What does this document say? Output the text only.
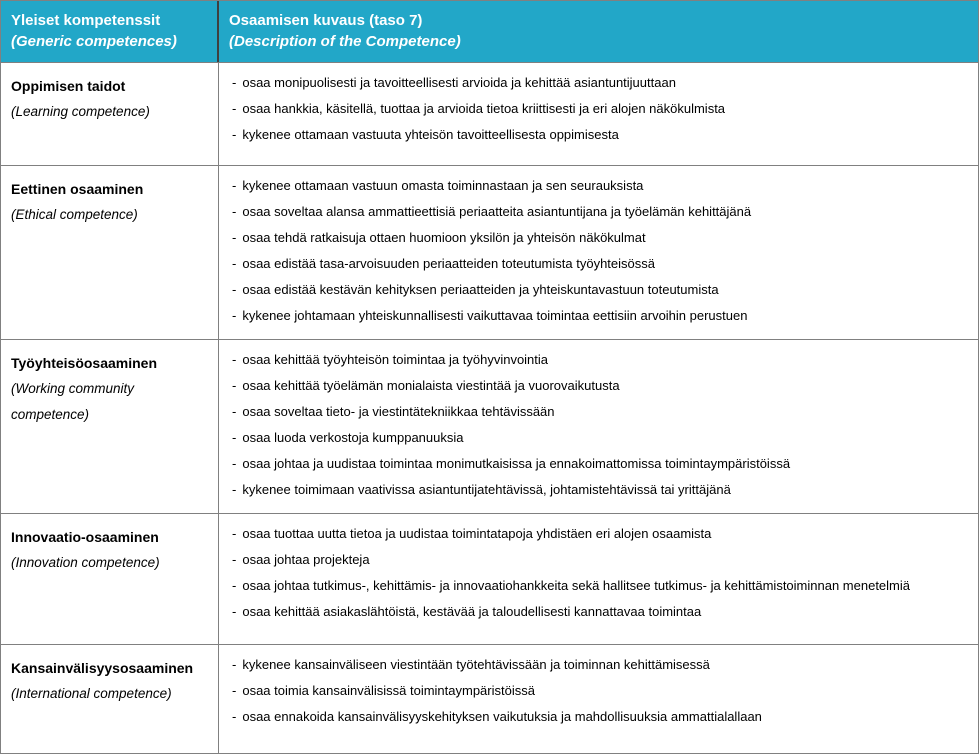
Yleiset kompetenssit
(Generic competences)
Osaamisen kuvaus (taso 7)
(Description of the Competence)
Oppimisen taidot
(Learning competence)
- osaa monipuolisesti ja tavoitteellisesti arvioida ja kehittää asiantuntijuuttaan
- osaa hankkia, käsitellä, tuottaa ja arvioida tietoa kriittisesti ja eri alojen näkökulmista
- kykenee ottamaan vastuuta yhteisön tavoitteellisesta oppimisesta
Eettinen osaaminen
(Ethical competence)
- kykenee ottamaan vastuun omasta toiminnastaan ja sen seurauksista
- osaa soveltaa alansa ammattieettisiä periaatteita asiantuntijana ja työelämän kehittäjänä
- osaa tehdä ratkaisuja ottaen huomioon yksilön ja yhteisön näkökulmat
- osaa edistää tasa-arvoisuuden periaatteiden toteutumista työyhteisössä
- osaa edistää kestävän kehityksen periaatteiden ja yhteiskuntavastuun toteutumista
- kykenee johtamaan yhteiskunnallisesti vaikuttavaa toimintaa eettisiin arvoihin perustuen
Työyhteisöosaaminen
(Working community competence)
- osaa kehittää työyhteisön toimintaa ja työhyvinvointia
- osaa kehittää työelämän monialaista viestintää ja vuorovaikutusta
- osaa soveltaa tieto- ja viestintätekniikkaa tehtävissään
- osaa luoda verkostoja kumppanuuksia
- osaa johtaa ja uudistaa toimintaa monimutkaisissa ja ennakoimattomissa toimintaympäristöissä
- kykenee toimimaan vaativissa asiantuntijatehtävissä, johtamistehtävissä tai yrittäjänä
Innovaatio-osaaminen
(Innovation competence)
- osaa tuottaa uutta tietoa ja uudistaa toimintatapoja yhdistäen eri alojen osaamista
- osaa johtaa projekteja
- osaa johtaa tutkimus-, kehittämis- ja innovaatiohankkeita sekä hallitsee tutkimus- ja kehittämistoiminnan menetelmiä
- osaa kehittää asiakaslähtöistä, kestävää ja taloudellisesti kannattavaa toimintaa
Kansainvälisyysosaaminen
(International competence)
- kykenee kansainväliseen viestintään työtehtävissään ja toiminnan kehittämisessä
- osaa toimia kansainvälisissä toimintaympäristöissä
- osaa ennakoida kansainvälisyyskehityksen vaikutuksia ja mahdollisuuksia ammattialallaan
